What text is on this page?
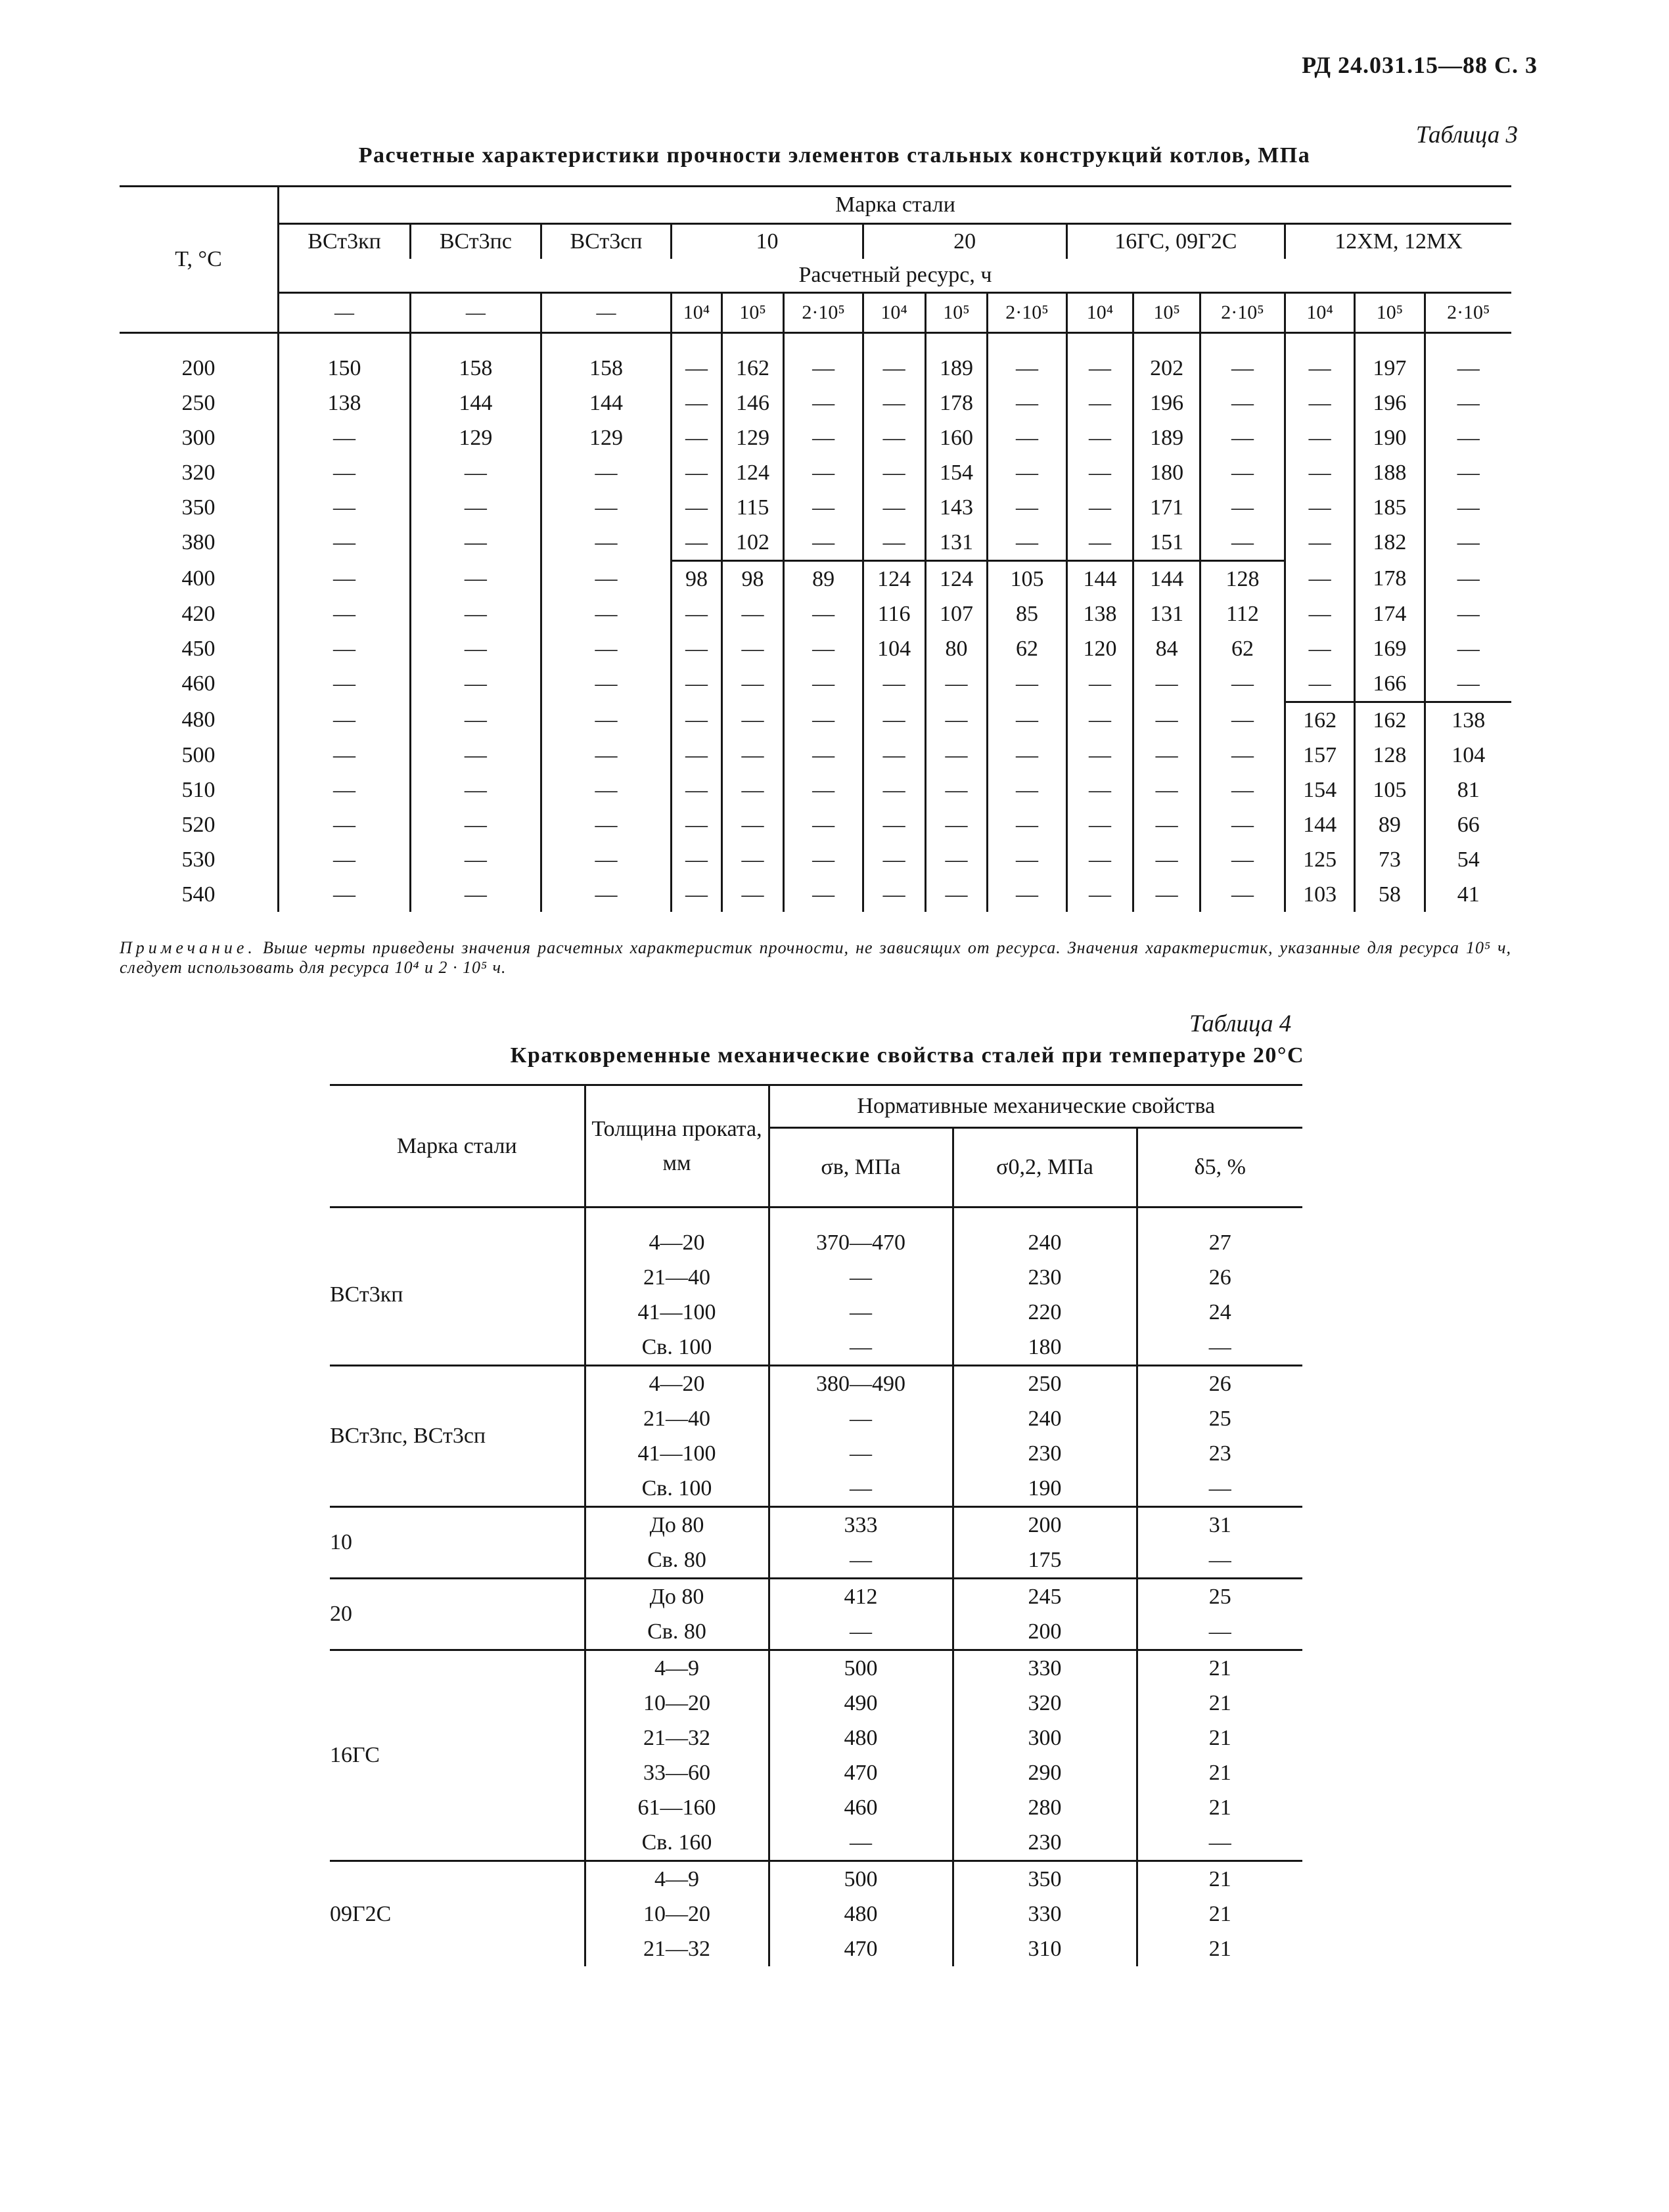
РД 24.031.15—88 С. 3
Таблица 3
Расчетные характеристики прочности элементов стальных конструкций котлов, МПа
T, °C	Марка стали														
	ВСт3кп	ВСт3пс	ВСт3сп	10			20			16ГС, 09Г2С			12ХМ, 12МХ		
	Расчетный ресурс, ч														
	—	—	—	10⁴	10⁵	2·10⁵	10⁴	10⁵	2·10⁵	10⁴	10⁵	2·10⁵	10⁴	10⁵	2·10⁵
200	150	158	158	—	162	—	—	189	—	—	202	—	—	197	—
250	138	144	144	—	146	—	—	178	—	—	196	—	—	196	—
300	—	129	129	—	129	—	—	160	—	—	189	—	—	190	—
320	—	—	—	—	124	—	—	154	—	—	180	—	—	188	—
350	—	—	—	—	115	—	—	143	—	—	171	—	—	185	—
380	—	—	—	—	102	—	—	131	—	—	151	—	—	182	—
400	—	—	—	98	98	89	124	124	105	144	144	128	—	178	—
420	—	—	—	—	—	—	116	107	85	138	131	112	—	174	—
450	—	—	—	—	—	—	104	80	62	120	84	62	—	169	—
460	—	—	—	—	—	—	—	—	—	—	—	—	—	166	—
480	—	—	—	—	—	—	—	—	—	—	—	—	162	162	138
500	—	—	—	—	—	—	—	—	—	—	—	—	157	128	104
510	—	—	—	—	—	—	—	—	—	—	—	—	154	105	81
520	—	—	—	—	—	—	—	—	—	—	—	—	144	89	66
530	—	—	—	—	—	—	—	—	—	—	—	—	125	73	54
540	—	—	—	—	—	—	—	—	—	—	—	—	103	58	41
Примечание. Выше черты приведены значения расчетных характеристик прочности, не зависящих от ресурса. Значения характеристик, указанные для ресурса 10⁵ ч, следует использовать для ресурса 10⁴ и 2 · 10⁵ ч.
Таблица 4
Кратковременные механические свойства сталей при температуре 20°С
Марка стали	Толщина проката, мм	Нормативные механические свойства		
		σв, МПа	σ0,2, МПа	δ5, %
ВСт3кп	4—20	370—470	240	27
	21—40	—	230	26
	41—100	—	220	24
	Св. 100	—	180	—
ВСт3пс, ВСт3сп	4—20	380—490	250	26
	21—40	—	240	25
	41—100	—	230	23
	Св. 100	—	190	—
10	До 80	333	200	31
	Св. 80	—	175	—
20	До 80	412	245	25
	Св. 80	—	200	—
16ГС	4—9	500	330	21
	10—20	490	320	21
	21—32	480	300	21
	33—60	470	290	21
	61—160	460	280	21
	Св. 160	—	230	—
09Г2С	4—9	500	350	21
	10—20	480	330	21
	21—32	470	310	21
